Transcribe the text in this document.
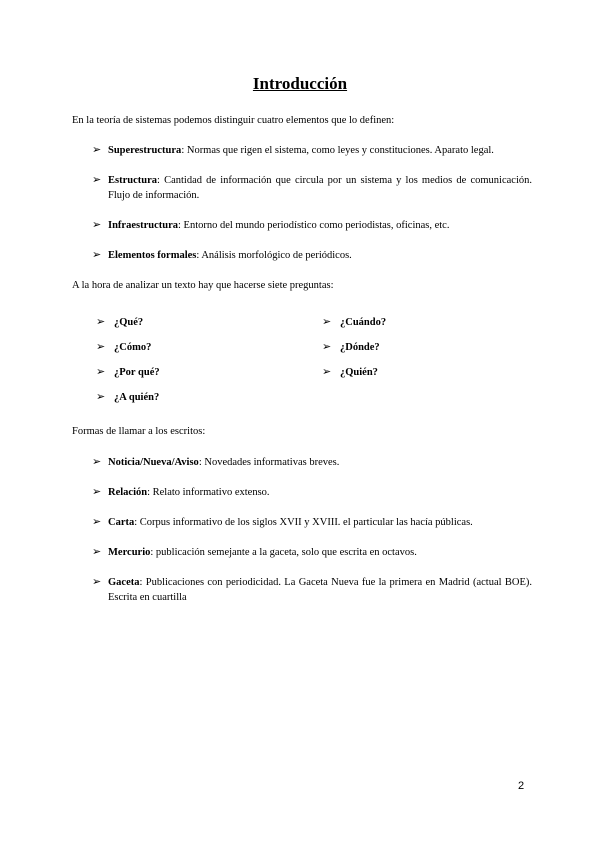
Introducción
En la teoría de sistemas podemos distinguir cuatro elementos que lo definen:
➢ Superestructura: Normas que rigen el sistema, como leyes y constituciones. Aparato legal.
➢ Estructura: Cantidad de información que circula por un sistema y los medios de comunicación. Flujo de información.
➢ Infraestructura: Entorno del mundo periodístico como periodistas, oficinas, etc.
➢ Elementos formales: Análisis morfológico de periódicos.
A la hora de analizar un texto hay que hacerse siete preguntas:
➢ ¿Qué?	➢ ¿Cuándo?
➢ ¿Cómo?	➢ ¿Dónde?
➢ ¿Por qué?	➢ ¿Quién?
➢ ¿A quién?
Formas de llamar a los escritos:
➢ Noticia/Nueva/Aviso: Novedades informativas breves.
➢ Relación: Relato informativo extenso.
➢ Carta: Corpus informativo de los siglos XVII y XVIII. el particular las hacía públicas.
➢ Mercurio: publicación semejante a la gaceta, solo que escrita en octavos.
➢ Gaceta: Publicaciones con periodicidad. La Gaceta Nueva fue la primera en Madrid (actual BOE). Escrita en cuartilla
2
